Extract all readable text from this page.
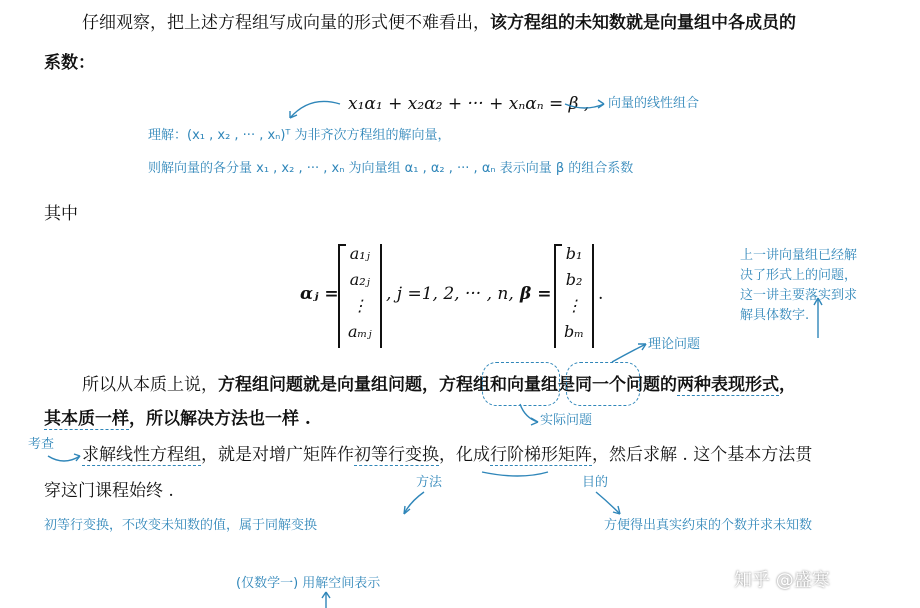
仔细观察，把上述方程组写成向量的形式便不难看出，该方程组的未知数就是向量组中各成员的
系数：
x₁α₁ + x₂α₂ + ··· + xₙαₙ = β , 向量的线性组合
理解：(x₁ , x₂ , ··· , xₙ)ᵀ 为非齐次方程组的解向量，
则解向量的各分量 x₁ , x₂ , ··· , xₙ 为向量组 α₁ , α₂ , ··· , αₙ 表示向量 β 的组合系数
其中
αⱼ =
a₁ⱼ
a₂ⱼ
⋮
aₘⱼ
, j =1, 2, ··· , n, β =
b₁
b₂
⋮
bₘ
.
上一讲向量组已经解
决了形式上的问题，
这一讲主要落实到求
解具体数字.
理论问题
所以从本质上说，方程组问题就是向量组问题，方程组和向量组是同一个问题的两种表现形式，
其本质一样，所以解决方法也一样 .	实际问题
考查
求解线性方程组，就是对增广矩阵作初等行变换，化成行阶梯形矩阵，然后求解 . 这个基本方法贯
穿这门课程始终 .	方法	目的
初等行变换，不改变未知数的值，属于同解变换	方便得出真实约束的个数并求未知数
(仅数学一) 用解空间表示	知乎 @盛寒
